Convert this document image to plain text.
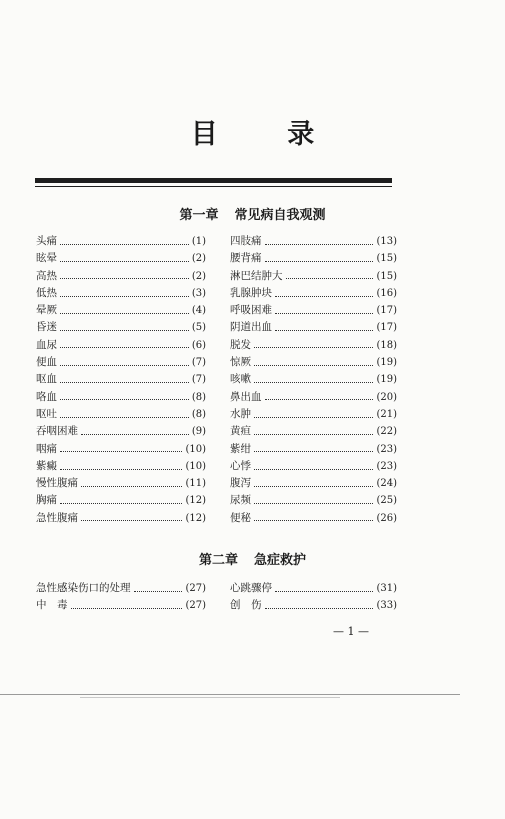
目 录
第一章 常见病自我观测
头痛	(1)
眩晕	(2)
高热	(2)
低热	(3)
晕厥	(4)
昏迷	(5)
血尿	(6)
便血	(7)
呕血	(7)
咯血	(8)
呕吐	(8)
吞咽困难	(9)
咽痛	(10)
紫癜	(10)
慢性腹痛	(11)
胸痛	(12)
急性腹痛	(12)
四肢痛	(13)
腰背痛	(15)
淋巴结肿大	(15)
乳腺肿块	(16)
呼吸困难	(17)
阴道出血	(17)
脱发	(18)
惊厥	(19)
咳嗽	(19)
鼻出血	(20)
水肿	(21)
黄疸	(22)
紫绀	(23)
心悸	(23)
腹泻	(24)
尿频	(25)
便秘	(26)
第二章 急症救护
急性感染伤口的处理	(27)
中　毒	(27)
心跳骤停	(31)
创　伤	(33)
— 1 —
